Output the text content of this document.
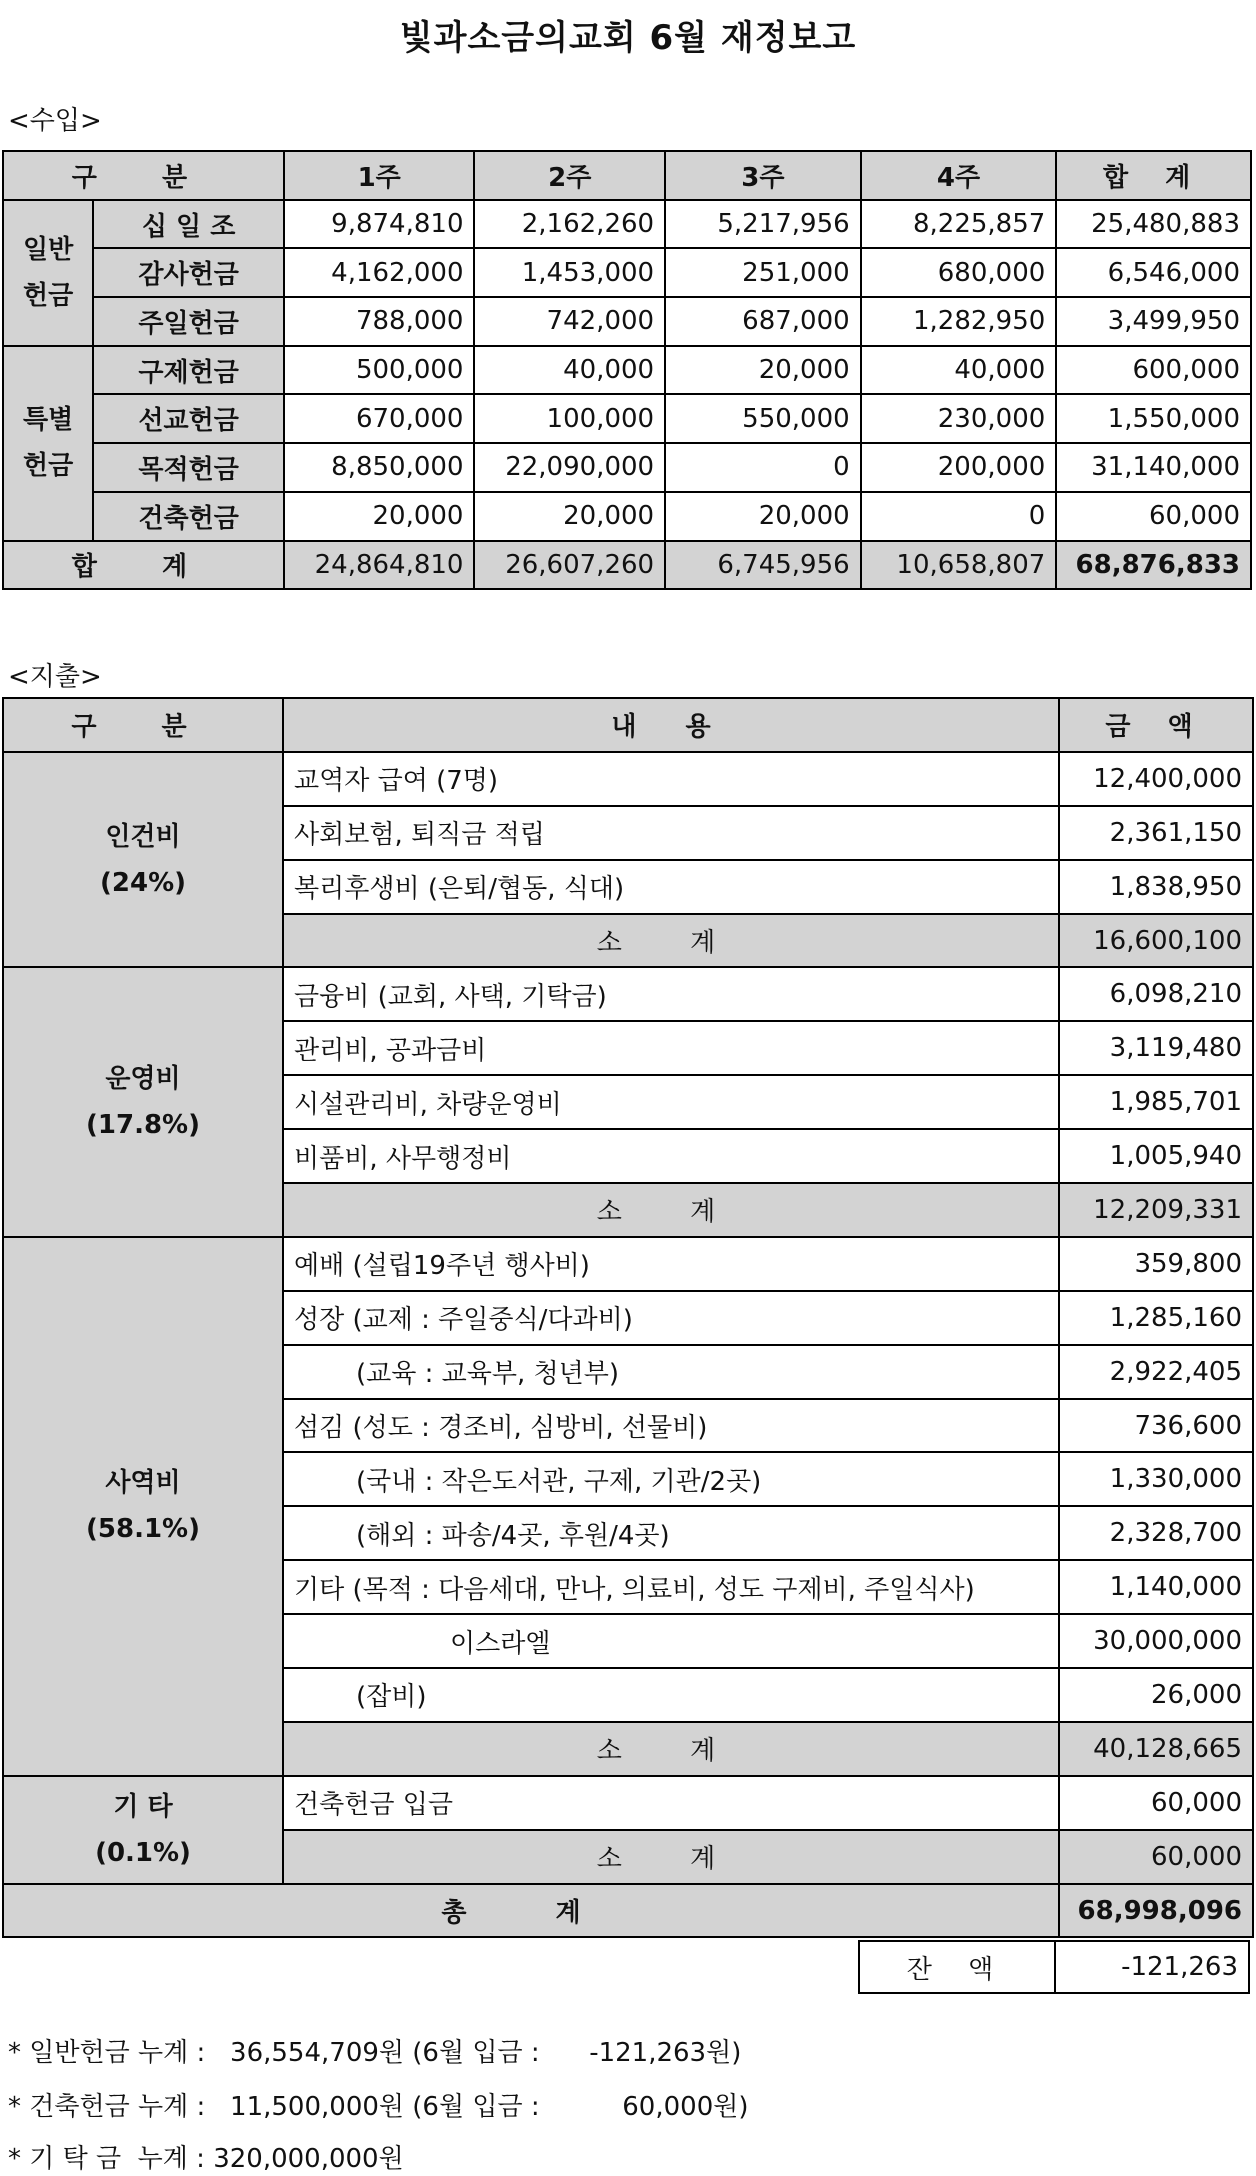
빛과소금의교회 6월 재정보고
<수입>
구 분		1주	2주	3주	4주	합 계
일반
헌금	십 일 조	9,874,810	2,162,260	5,217,956	8,225,857	25,480,883
	감사헌금	4,162,000	1,453,000	251,000	680,000	6,546,000
	주일헌금	788,000	742,000	687,000	1,282,950	3,499,950
특별
헌금	구제헌금	500,000	40,000	20,000	40,000	600,000
	선교헌금	670,000	100,000	550,000	230,000	1,550,000
	목적헌금	8,850,000	22,090,000	0	200,000	31,140,000
	건축헌금	20,000	20,000	20,000	0	60,000
합 계		24,864,810	26,607,260	6,745,956	10,658,807	68,876,833
<지출>
구 분	내 용	금 액

인건비
(24%)	교역자 급여 (7명)	12,400,000
	사회보험, 퇴직금 적립	2,361,150
	복리후생비 (은퇴/협동, 식대)	1,838,950
	소 계	16,600,100

운영비
(17.8%)	금융비 (교회, 사택, 기탁금)	6,098,210
	관리비, 공과금비	3,119,480
	시설관리비, 차량운영비	1,985,701
	비품비, 사무행정비	1,005,940
	소 계	12,209,331

사역비
(58.1%)	예배 (설립19주년 행사비)	359,800
	성장 (교제 : 주일중식/다과비)	1,285,160
	(교육 : 교육부, 청년부)	2,922,405
	섬김 (성도 : 경조비, 심방비, 선물비)	736,600
	(국내 : 작은도서관, 구제, 기관/2곳)	1,330,000
	(해외 : 파송/4곳, 후원/4곳)	2,328,700
	기타 (목적 : 다음세대, 만나, 의료비, 성도 구제비, 주일식사)	1,140,000
	이스라엘	30,000,000
	(잡비)	26,000
	소 계	40,128,665

기 타
(0.1%)	건축헌금 입금	60,000
	소 계	60,000
총 계		68,998,096
잔 액	-121,263
* 일반헌금 누계 :   36,554,709원 (6월 입금 :      -121,263원)
* 건축헌금 누계 :   11,500,000원 (6월 입금 :          60,000원)
* 기 탁 금  누계 : 320,000,000원
